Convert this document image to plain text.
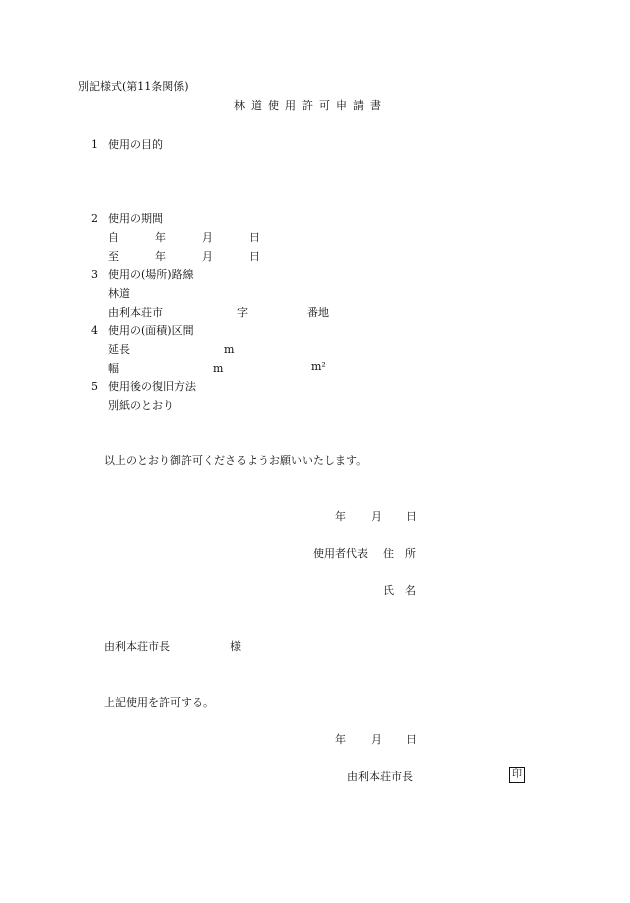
別記様式(第11条関係)
林道使用許可申請書
1 使用の目的
2 使用の期間
自	年	月	日
至	年	月	日
3 使用の(場所)路線
林道
由利本荘市	字	番地
4 使用の(面積)区間
延長	m
幅	m	m²
5 使用後の復旧方法
別紙のとおり
以上のとおり御許可くださるようお願いいたします。
年 月 日
使用者代表 住　所
氏　名
由利本荘市長	様
上記使用を許可する。
年 月 日
由利本荘市長	印
